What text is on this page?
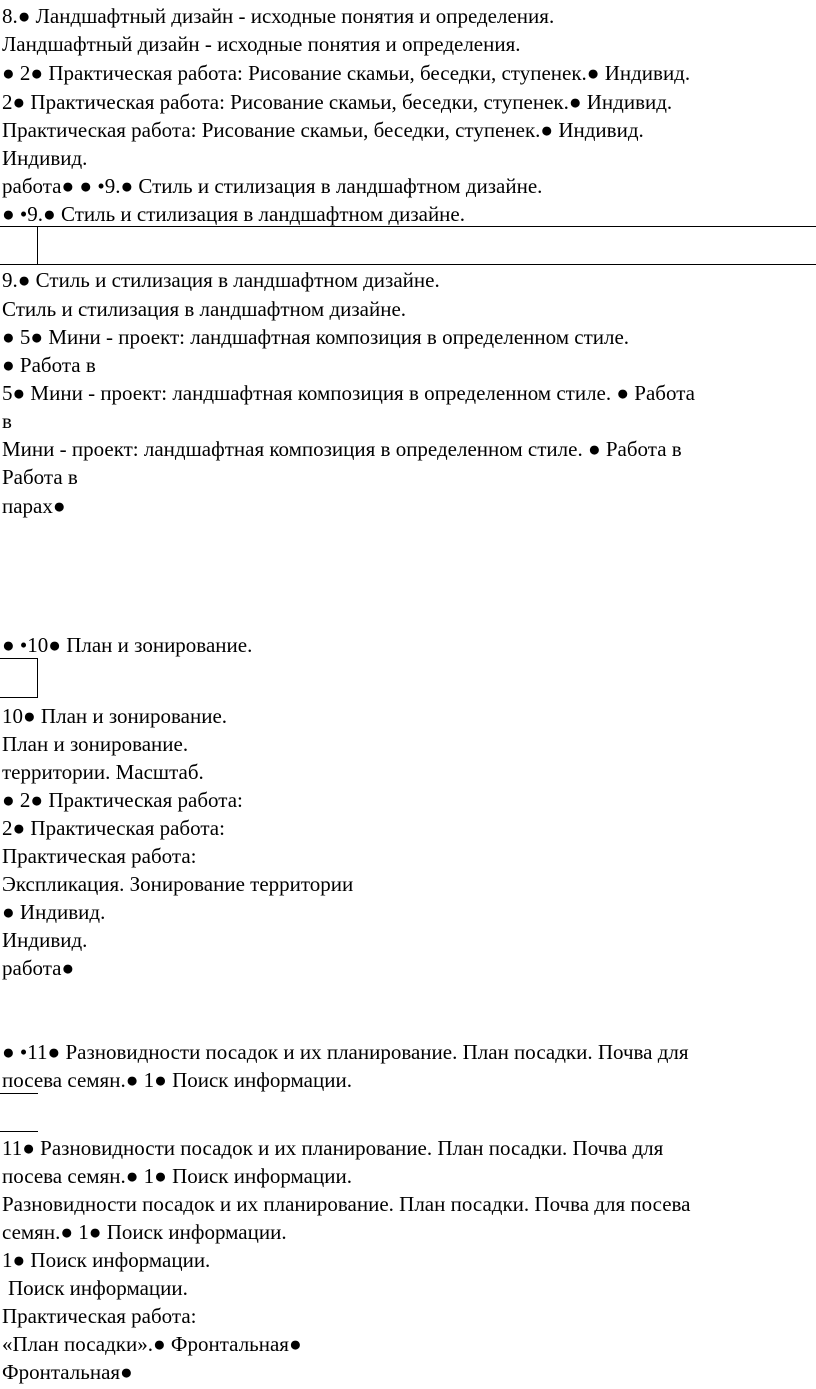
8.● Ландшафтный дизайн - исходные понятия и определения.
Ландшафтный дизайн - исходные понятия и определения.
● 2● Практическая работа: Рисование скамьи, беседки, ступенек.● Индивид.
2● Практическая работа: Рисование скамьи, беседки, ступенек.● Индивид.
Практическая работа: Рисование скамьи, беседки, ступенек.● Индивид.
Индивид.
работа● ● •9.● Стиль и стилизация в ландшафтном дизайне.
● •9.● Стиль и стилизация в ландшафтном дизайне.
9.● Стиль и стилизация в ландшафтном дизайне.
Стиль и стилизация в ландшафтном дизайне.
● 5● Мини - проект: ландшафтная композиция в определенном стиле.
● Работа в
5● Мини - проект: ландшафтная композиция в определенном стиле. ● Работа
в
Мини - проект: ландшафтная композиция в определенном стиле. ● Работа в
Работа в
парах●
● •10● План и зонирование.
10● План и зонирование.
План и зонирование.
территории. Масштаб.
● 2● Практическая работа:
2● Практическая работа:
Практическая работа:
Экспликация. Зонирование территории
● Индивид.
Индивид.
работа●
● •11● Разновидности посадок и их планирование. План посадки. Почва для
посева семян.● 1● Поиск информации.
11● Разновидности посадок и их планирование. План посадки. Почва для
посева семян.● 1● Поиск информации.
Разновидности посадок и их планирование. План посадки. Почва для посева
семян.● 1● Поиск информации.
1● Поиск информации.
Поиск информации.
Практическая работа:
«План посадки».● Фронтальная●
Фронтальная●
